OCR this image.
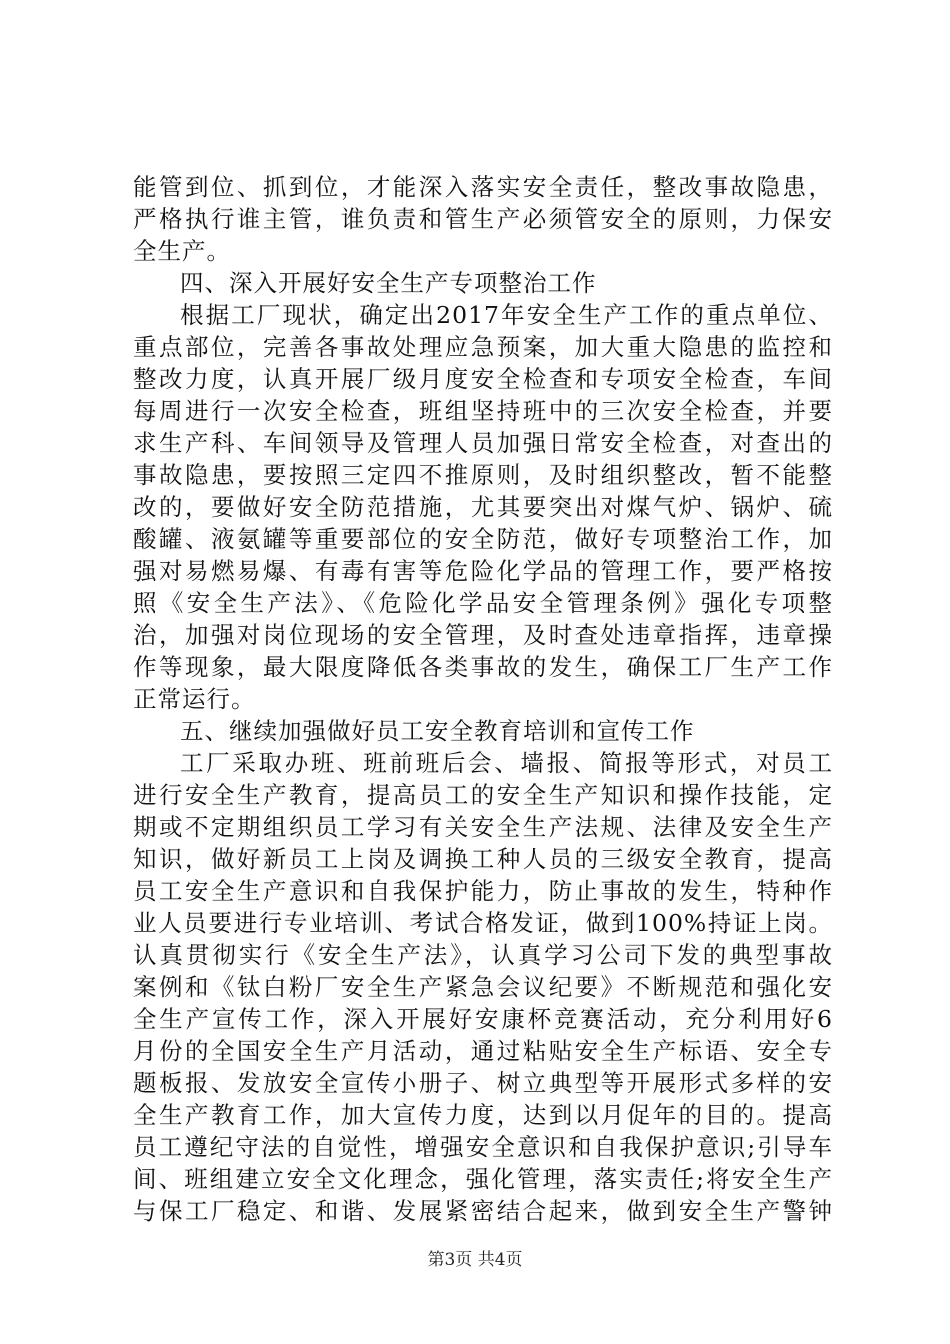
能管到位、抓到位，才能深入落实安全责任，整改事故隐患，
严格执行谁主管，谁负责和管生产必须管安全的原则，力保安
全生产。
四、深入开展好安全生产专项整治工作
根据工厂现状，确定出2017年安全生产工作的重点单位、
重点部位，完善各事故处理应急预案，加大重大隐患的监控和
整改力度，认真开展厂级月度安全检查和专项安全检查，车间
每周进行一次安全检查，班组坚持班中的三次安全检查，并要
求生产科、车间领导及管理人员加强日常安全检查，对查出的
事故隐患，要按照三定四不推原则，及时组织整改，暂不能整
改的，要做好安全防范措施，尤其要突出对煤气炉、锅炉、硫
酸罐、液氨罐等重要部位的安全防范，做好专项整治工作，加
强对易燃易爆、有毒有害等危险化学品的管理工作，要严格按
照《安全生产法》、《危险化学品安全管理条例》强化专项整
治，加强对岗位现场的安全管理，及时查处违章指挥，违章操
作等现象，最大限度降低各类事故的发生，确保工厂生产工作
正常运行。
五、继续加强做好员工安全教育培训和宣传工作
工厂采取办班、班前班后会、墙报、简报等形式，对员工
进行安全生产教育，提高员工的安全生产知识和操作技能，定
期或不定期组织员工学习有关安全生产法规、法律及安全生产
知识，做好新员工上岗及调换工种人员的三级安全教育，提高
员工安全生产意识和自我保护能力，防止事故的发生，特种作
业人员要进行专业培训、考试合格发证，做到100%持证上岗。
认真贯彻实行《安全生产法》，认真学习公司下发的典型事故
案例和《钛白粉厂安全生产紧急会议纪要》不断规范和强化安
全生产宣传工作，深入开展好安康杯竞赛活动，充分利用好6
月份的全国安全生产月活动，通过粘贴安全生产标语、安全专
题板报、发放安全宣传小册子、树立典型等开展形式多样的安
全生产教育工作，加大宣传力度，达到以月促年的目的。提高
员工遵纪守法的自觉性，增强安全意识和自我保护意识;引导车
间、班组建立安全文化理念，强化管理，落实责任;将安全生产
与保工厂稳定、和谐、发展紧密结合起来，做到安全生产警钟
第3页 共4页
